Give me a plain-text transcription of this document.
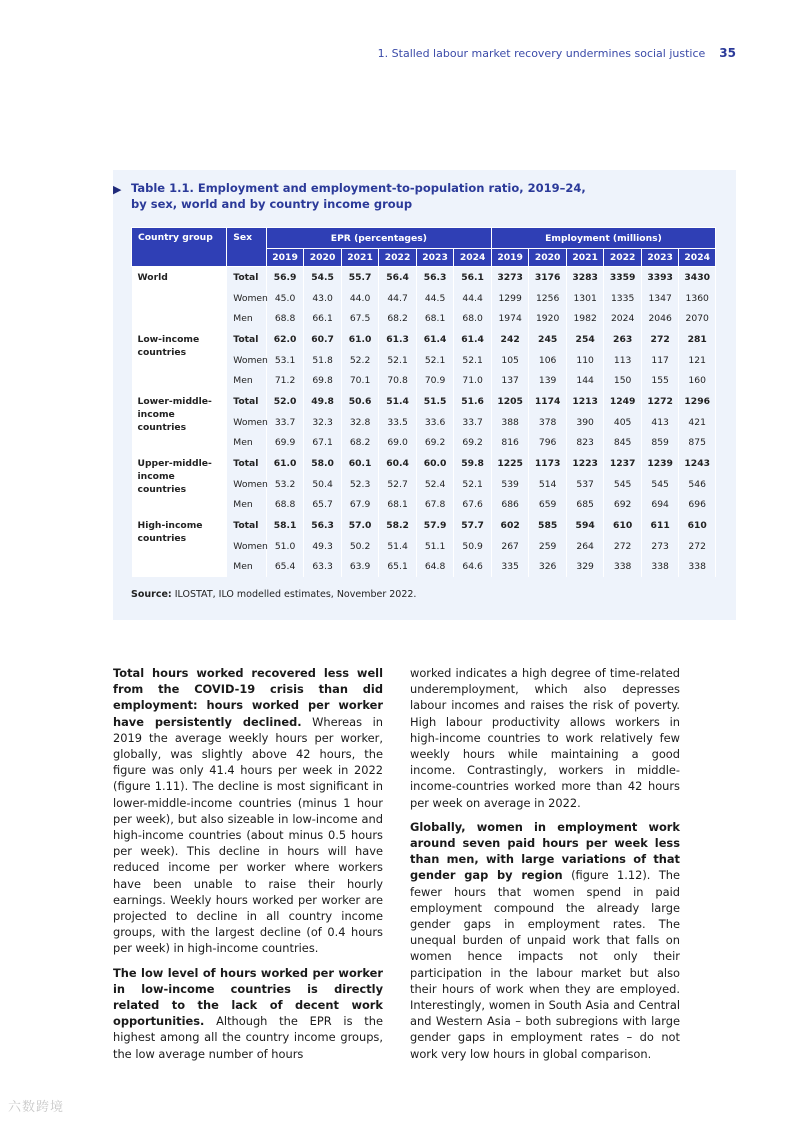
1. Stalled labour market recovery undermines social justice 35
▶ Table 1.1. Employment and employment-to-population ratio, 2019–24,
by sex, world and by country income group
Country group	Sex	EPR (percentages)						Employment (millions)					
		2019	2020	2021	2022	2023	2024	2019	2020	2021	2022	2023	2024
World	Total	56.9	54.5	55.7	56.4	56.3	56.1	3273	3176	3283	3359	3393	3430
	Women	45.0	43.0	44.0	44.7	44.5	44.4	1299	1256	1301	1335	1347	1360
	Men	68.8	66.1	67.5	68.2	68.1	68.0	1974	1920	1982	2024	2046	2070
Low-income countries	Total	62.0	60.7	61.0	61.3	61.4	61.4	242	245	254	263	272	281
	Women	53.1	51.8	52.2	52.1	52.1	52.1	105	106	110	113	117	121
	Men	71.2	69.8	70.1	70.8	70.9	71.0	137	139	144	150	155	160
Lower-middle-income countries	Total	52.0	49.8	50.6	51.4	51.5	51.6	1205	1174	1213	1249	1272	1296
	Women	33.7	32.3	32.8	33.5	33.6	33.7	388	378	390	405	413	421
	Men	69.9	67.1	68.2	69.0	69.2	69.2	816	796	823	845	859	875
Upper-middle-income countries	Total	61.0	58.0	60.1	60.4	60.0	59.8	1225	1173	1223	1237	1239	1243
	Women	53.2	50.4	52.3	52.7	52.4	52.1	539	514	537	545	545	546
	Men	68.8	65.7	67.9	68.1	67.8	67.6	686	659	685	692	694	696
High-income countries	Total	58.1	56.3	57.0	58.2	57.9	57.7	602	585	594	610	611	610
	Women	51.0	49.3	50.2	51.4	51.1	50.9	267	259	264	272	273	272
	Men	65.4	63.3	63.9	65.1	64.8	64.6	335	326	329	338	338	338
Source: ILOSTAT, ILO modelled estimates, November 2022.

Total hours worked recovered less well from the COVID-19 crisis than did employment: hours worked per worker have persistently declined. Whereas in 2019 the average weekly hours per worker, globally, was slightly above 42 hours, the figure was only 41.4 hours per week in 2022 (figure 1.11). The decline is most significant in lower-middle-income countries (minus 1 hour per week), but also sizeable in low-income and high-income countries (about minus 0.5 hours per week). This decline in hours will have reduced income per worker where workers have been unable to raise their hourly earnings. Weekly hours worked per worker are projected to decline in all country income groups, with the largest decline (of 0.4 hours per week) in high-income countries.

The low level of hours worked per worker in low-income countries is directly related to the lack of decent work opportunities. Although the EPR is the highest among all the country income groups, the low average number of hours

worked indicates a high degree of time-related underemployment, which also depresses labour incomes and raises the risk of poverty. High labour productivity allows workers in high-income countries to work relatively few weekly hours while maintaining a good income. Contrastingly, workers in middle-income-countries worked more than 42 hours per week on average in 2022.

Globally, women in employment work around seven paid hours per week less than men, with large variations of that gender gap by region (figure 1.12). The fewer hours that women spend in paid employment compound the already large gender gaps in employment rates. The unequal burden of unpaid work that falls on women hence impacts not only their participation in the labour market but also their hours of work when they are employed. Interestingly, women in South Asia and Central and Western Asia – both subregions with large gender gaps in employment rates – do not work very low hours in global comparison.

六数跨境
